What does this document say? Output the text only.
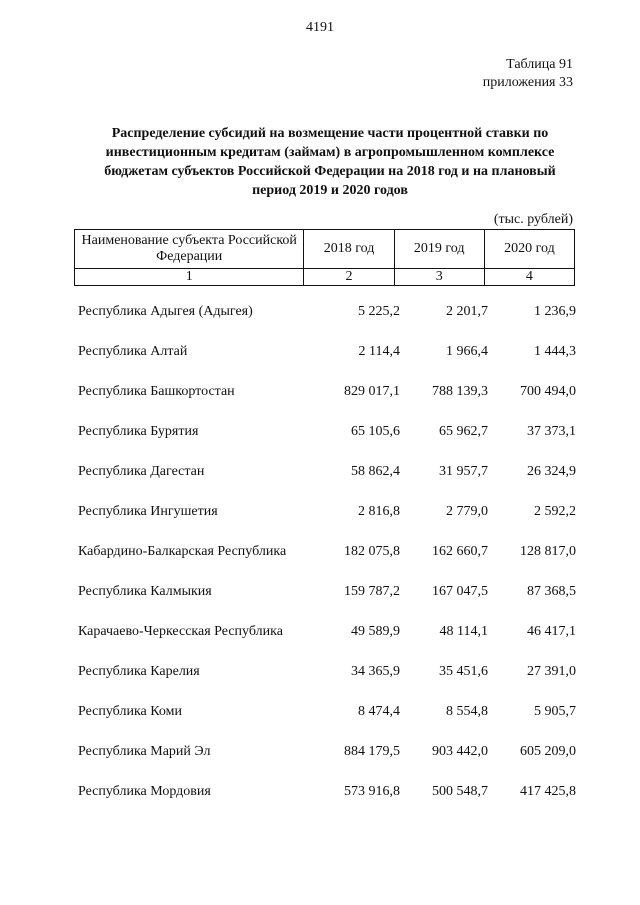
4191
Таблица 91
приложения 33
Распределение субсидий на возмещение части процентной ставки по инвестиционным кредитам (займам) в агропромышленном комплексе бюджетам субъектов Российской Федерации на 2018 год и на плановый период 2019 и 2020 годов
(тыс. рублей)
Наименование субъекта Российской Федерации	2018 год	2019 год	2020 год
1	2	3	4
Республика Адыгея (Адыгея)	5 225,2	2 201,7	1 236,9
Республика Алтай	2 114,4	1 966,4	1 444,3
Республика Башкортостан	829 017,1	788 139,3	700 494,0
Республика Бурятия	65 105,6	65 962,7	37 373,1
Республика Дагестан	58 862,4	31 957,7	26 324,9
Республика Ингушетия	2 816,8	2 779,0	2 592,2
Кабардино-Балкарская Республика	182 075,8	162 660,7	128 817,0
Республика Калмыкия	159 787,2	167 047,5	87 368,5
Карачаево-Черкесская Республика	49 589,9	48 114,1	46 417,1
Республика Карелия	34 365,9	35 451,6	27 391,0
Республика Коми	8 474,4	8 554,8	5 905,7
Республика Марий Эл	884 179,5	903 442,0	605 209,0
Республика Мордовия	573 916,8	500 548,7	417 425,8
